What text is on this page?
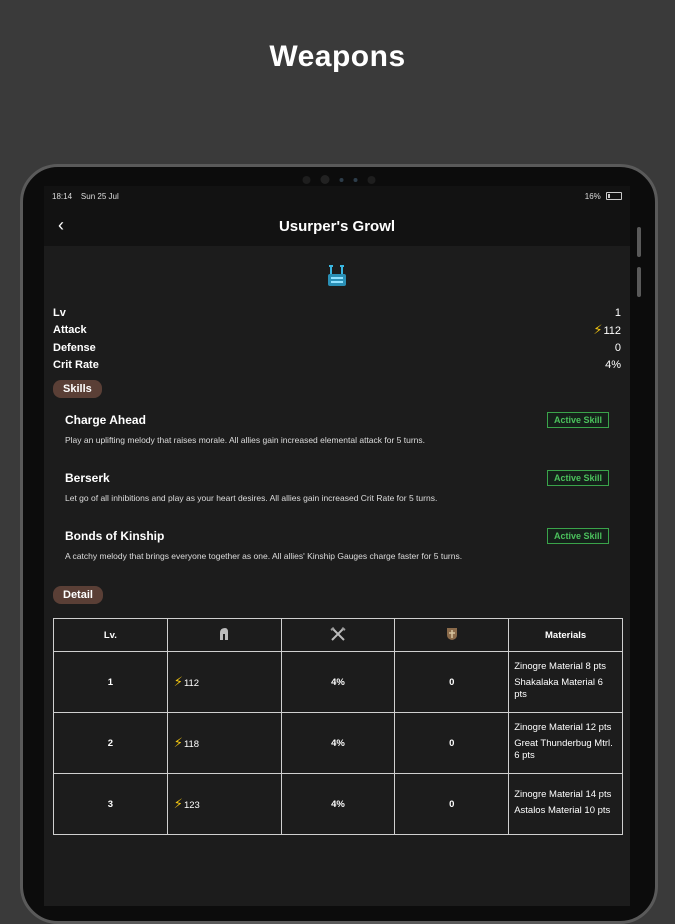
Weapons
18:14 Sun 25 Jul	16%
‹	Usurper's Growl
Lv	1
Attack	⚡112
Defense	0
Crit Rate	4%
Skills
Charge Ahead	Active Skill
Play an uplifting melody that raises morale. All allies gain increased elemental attack for 5 turns.
Berserk	Active Skill
Let go of all inhibitions and play as your heart desires. All allies gain increased Crit Rate for 5 turns.
Bonds of Kinship	Active Skill
A catchy melody that brings everyone together as one. All allies' Kinship Gauges charge faster for 5 turns.
Detail
Lv.				Materials
1	⚡112	4%	0	Zinogre Material 8 pts
Shakalaka Material 6 pts

2	⚡118	4%	0	Zinogre Material 12 pts
Great Thunderbug Mtrl. 6 pts

3	⚡123	4%	0	Zinogre Material 14 pts
Astalos Material 10 pts
